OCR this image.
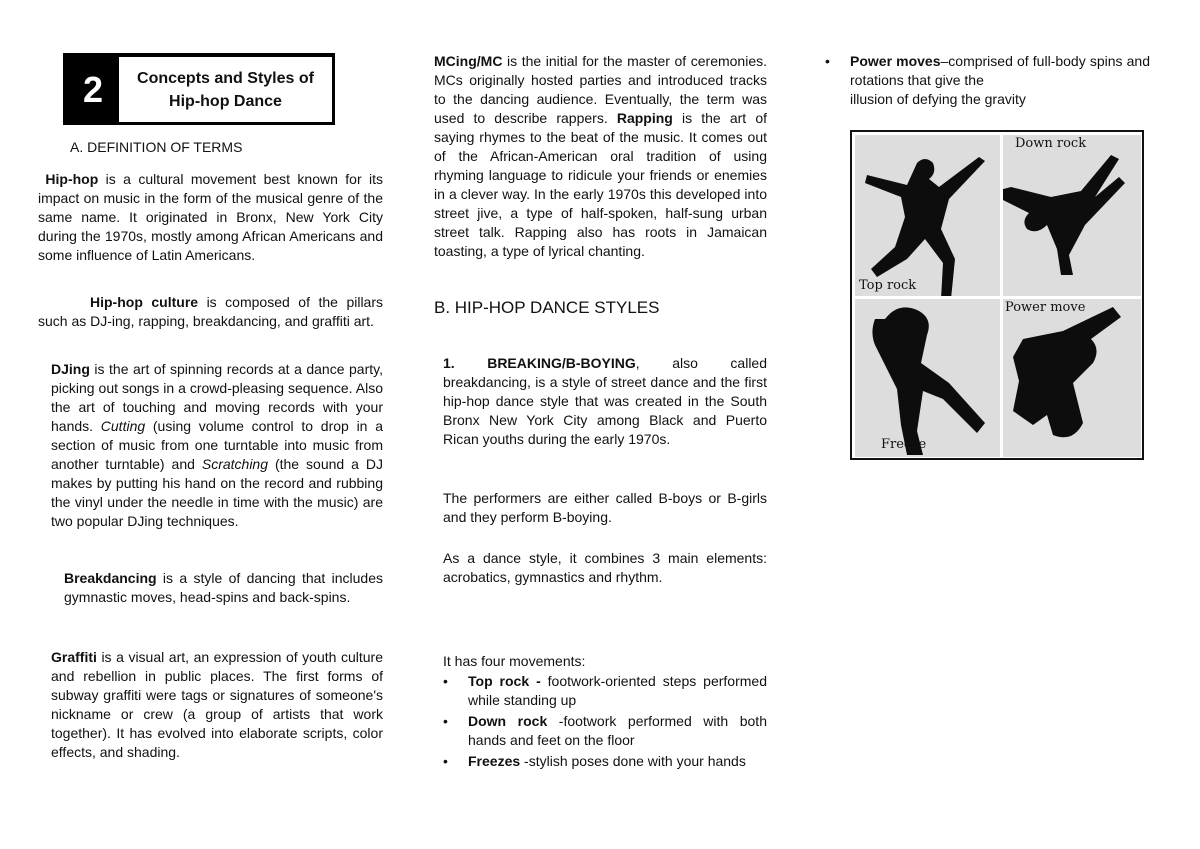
2	Concepts and Styles of
Hip-hop Dance
A. DEFINITION OF TERMS

Hip-hop is a cultural movement best known for its impact on music in the form of the musical genre of the same name. It originated in Bronx, New York City during the 1970s, mostly among African Americans and some influence of Latin Americans.

Hip-hop culture is composed of the pillars such as DJ-ing, rapping, breakdancing, and graffiti art.

DJing is the art of spinning records at a dance party, picking out songs in a crowd-pleasing sequence. Also the art of touching and moving records with your hands. Cutting (using volume control to drop in a section of music from one turntable into music from another turntable) and Scratching (the sound a DJ makes by putting his hand on the record and rubbing the vinyl under the needle in time with the music) are two popular DJing techniques.

Breakdancing is a style of dancing that includes gymnastic moves, head-spins and back-spins.

Graffiti is a visual art, an expression of youth culture and rebellion in public places. The first forms of subway graffiti were tags or signatures of someone's nickname or crew (a group of artists that work together). It has evolved into elaborate scripts, color effects, and shading.

MCing/MC is the initial for the master of ceremonies. MCs originally hosted parties and introduced tracks to the dancing audience. Eventually, the term was used to describe rappers. Rapping is the art of saying rhymes to the beat of the music. It comes out of the African-American oral tradition of using rhyming language to ridicule your friends or enemies in a clever way. In the early 1970s this developed into street jive, a type of half-spoken, half-sung urban street talk. Rapping also has roots in Jamaican toasting, a type of lyrical chanting.

B. HIP-HOP DANCE STYLES

1. BREAKING/B-BOYING, also called breakdancing, is a style of street dance and the first hip-hop dance style that was created in the South Bronx New York City among Black and Puerto Rican youths during the early 1970s.

The performers are either called B-boys or B-girls and they perform B-boying.

As a dance style, it combines 3 main elements: acrobatics, gymnastics and rhythm.

It has four movements:

• Top rock - footwork-oriented steps performed while standing up
• Down rock -footwork performed with both hands and feet on the floor
• Freezes -stylish poses done with your hands
• Power moves–comprised of full-body spins and rotations that give the

illusion of defying the gravity
Top rock
Down rock
Freeze
Power move
